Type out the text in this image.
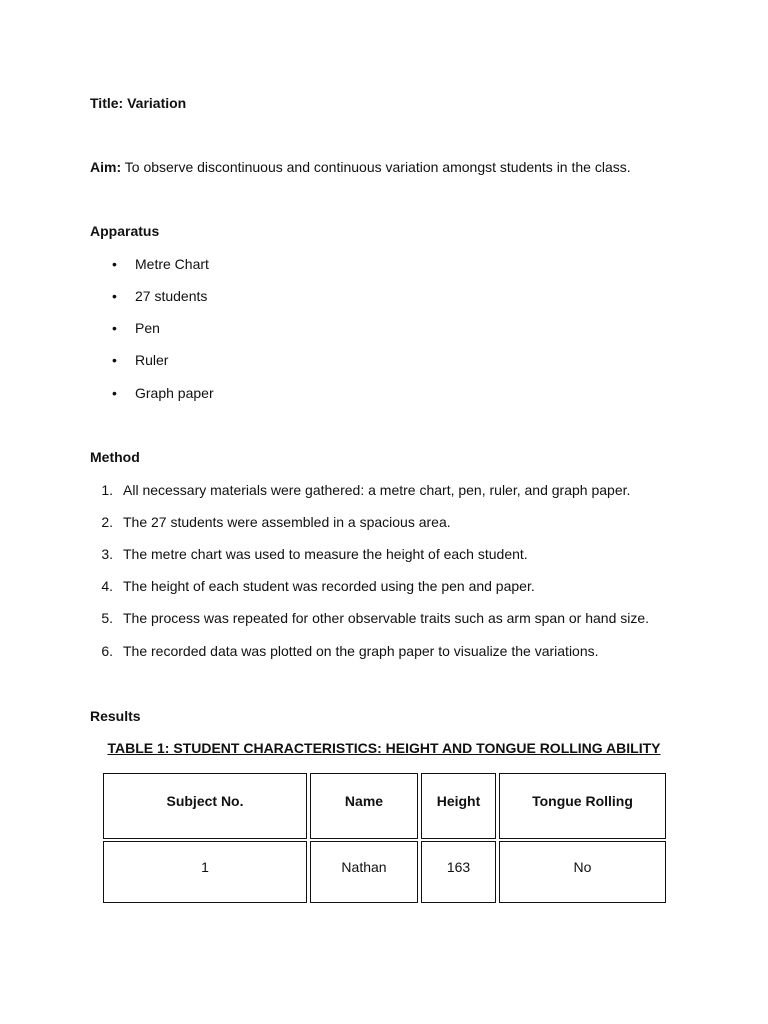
Title: Variation
Aim: To observe discontinuous and continuous variation amongst students in the class.
Apparatus
• Metre Chart
• 27 students
• Pen
• Ruler
• Graph paper
Method
1. All necessary materials were gathered: a metre chart, pen, ruler, and graph paper.
2. The 27 students were assembled in a spacious area.
3. The metre chart was used to measure the height of each student.
4. The height of each student was recorded using the pen and paper.
5. The process was repeated for other observable traits such as arm span or hand size.
6. The recorded data was plotted on the graph paper to visualize the variations.
Results
TABLE 1: STUDENT CHARACTERISTICS: HEIGHT AND TONGUE ROLLING ABILITY
Subject No.	Name	Height	Tongue Rolling
1	Nathan	163	No
